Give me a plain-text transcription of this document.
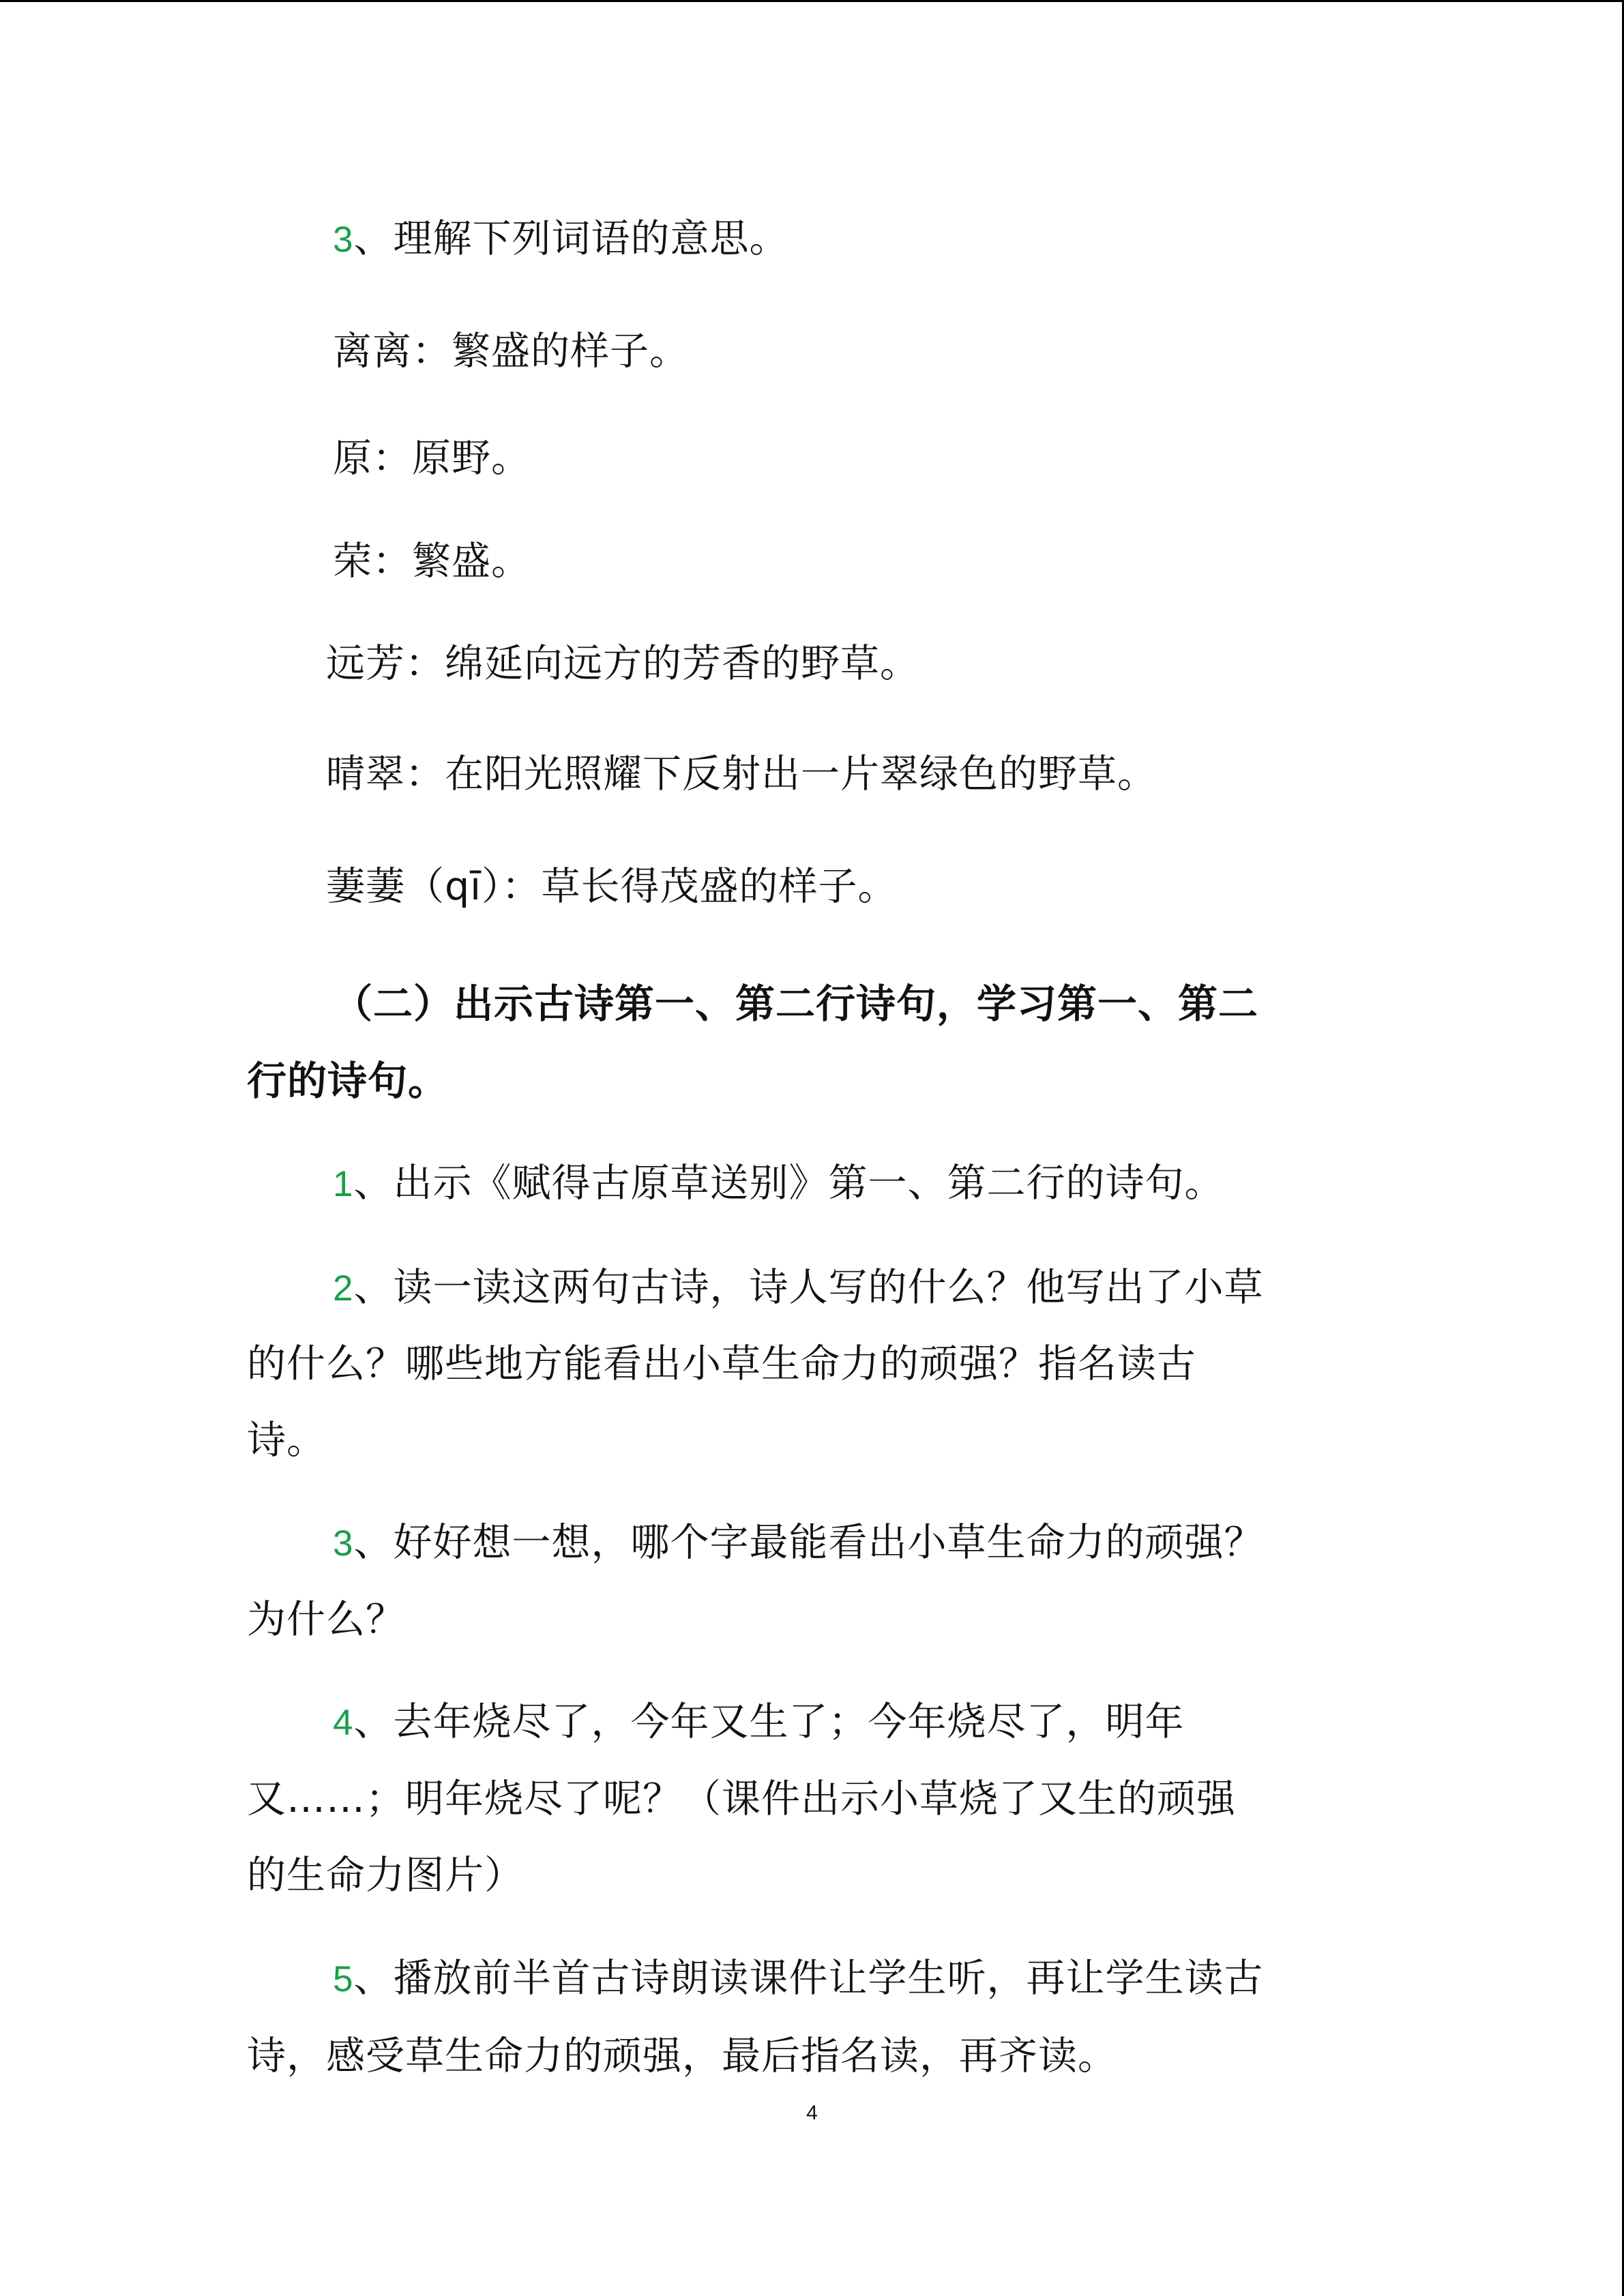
3、理解下列词语的意思。
离离：繁盛的样子。
原：原野。
荣：繁盛。
远芳：绵延向远方的芳香的野草。
晴翠：在阳光照耀下反射出一片翠绿色的野草。
萋萋（qī）：草长得茂盛的样子。
（二）出示古诗第一、第二行诗句，学习第一、第二
行的诗句。
1、出示《赋得古原草送别》第一、第二行的诗句。
2、读一读这两句古诗，诗人写的什么？他写出了小草
的什么？哪些地方能看出小草生命力的顽强？指名读古
诗。
3、好好想一想，哪个字最能看出小草生命力的顽强？
为什么？
4、去年烧尽了，今年又生了；今年烧尽了，明年
又……；明年烧尽了呢？（课件出示小草烧了又生的顽强
的生命力图片）
5、播放前半首古诗朗读课件让学生听，再让学生读古
诗，感受草生命力的顽强，最后指名读，再齐读。
4
